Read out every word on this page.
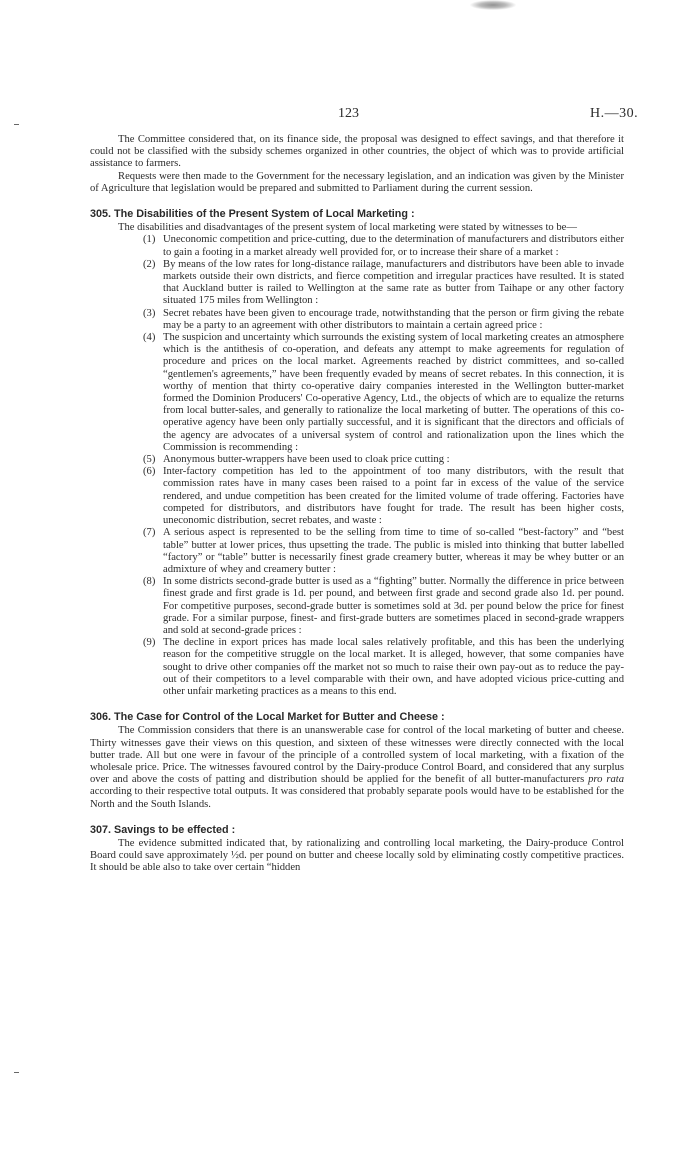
123	H.—30.

The Committee considered that, on its finance side, the proposal was designed to effect savings, and that therefore it could not be classified with the subsidy schemes organized in other countries, the object of which was to provide artificial assistance to farmers.

Requests were then made to the Government for the necessary legislation, and an indication was given by the Minister of Agriculture that legislation would be prepared and submitted to Parliament during the current session.

305. The Disabilities of the Present System of Local Marketing :

The disabilities and disadvantages of the present system of local marketing were stated by witnesses to be—

(1) Uneconomic competition and price-cutting, due to the determination of manufacturers and distributors either to gain a footing in a market already well provided for, or to increase their share of a market :
(2) By means of the low rates for long-distance railage, manufacturers and distributors have been able to invade markets outside their own districts, and fierce competition and irregular practices have resulted. It is stated that Auckland butter is railed to Wellington at the same rate as butter from Taihape or any other factory situated 175 miles from Wellington :
(3) Secret rebates have been given to encourage trade, notwithstanding that the person or firm giving the rebate may be a party to an agreement with other distributors to maintain a certain agreed price :
(4) The suspicion and uncertainty which surrounds the existing system of local marketing creates an atmosphere which is the antithesis of co-operation, and defeats any attempt to make agreements for regulation of procedure and prices on the local market. Agreements reached by district committees, and so-called “gentlemen's agreements,” have been frequently evaded by means of secret rebates. In this connection, it is worthy of mention that thirty co-operative dairy companies interested in the Wellington butter-market formed the Dominion Producers' Co-operative Agency, Ltd., the objects of which are to equalize the returns from local butter-sales, and generally to rationalize the local marketing of butter. The operations of this co-operative agency have been only partially successful, and it is significant that the directors and officials of the agency are advocates of a universal system of control and rationalization upon the lines which the Commission is recommending :
(5) Anonymous butter-wrappers have been used to cloak price cutting :
(6) Inter-factory competition has led to the appointment of too many distributors, with the result that commission rates have in many cases been raised to a point far in excess of the value of the service rendered, and undue competition has been created for the limited volume of trade offering. Factories have competed for distributors, and distributors have fought for trade. The result has been higher costs, uneconomic distribution, secret rebates, and waste :
(7) A serious aspect is represented to be the selling from time to time of so-called “best-factory” and “best table” butter at lower prices, thus upsetting the trade. The public is misled into thinking that butter labelled “factory” or “table” butter is necessarily finest grade creamery butter, whereas it may be whey butter or an admixture of whey and creamery butter :
(8) In some districts second-grade butter is used as a “fighting” butter. Normally the difference in price between finest grade and first grade is 1d. per pound, and between first grade and second grade also 1d. per pound. For competitive purposes, second-grade butter is sometimes sold at 3d. per pound below the price for finest grade. For a similar purpose, finest- and first-grade butters are sometimes placed in second-grade wrappers and sold at second-grade prices :
(9) The decline in export prices has made local sales relatively profitable, and this has been the underlying reason for the competitive struggle on the local market. It is alleged, however, that some companies have sought to drive other companies off the market not so much to raise their own pay-out as to reduce the pay-out of their competitors to a level comparable with their own, and have adopted vicious price-cutting and other unfair marketing practices as a means to this end.
306. The Case for Control of the Local Market for Butter and Cheese :

The Commission considers that there is an unanswerable case for control of the local marketing of butter and cheese. Thirty witnesses gave their views on this question, and sixteen of these witnesses were directly connected with the local butter trade. All but one were in favour of the principle of a controlled system of local marketing, with a fixation of the wholesale price. Price. The witnesses favoured control by the Dairy-produce Control Board, and considered that any surplus over and above the costs of patting and distribution should be applied for the benefit of all butter-manufacturers pro rata according to their respective total outputs. It was considered that probably separate pools would have to be established for the North and the South Islands.

307. Savings to be effected :

The evidence submitted indicated that, by rationalizing and controlling local marketing, the Dairy-produce Control Board could save approximately ½d. per pound on butter and cheese locally sold by eliminating costly competitive practices. It should be able also to take over certain “hidden
